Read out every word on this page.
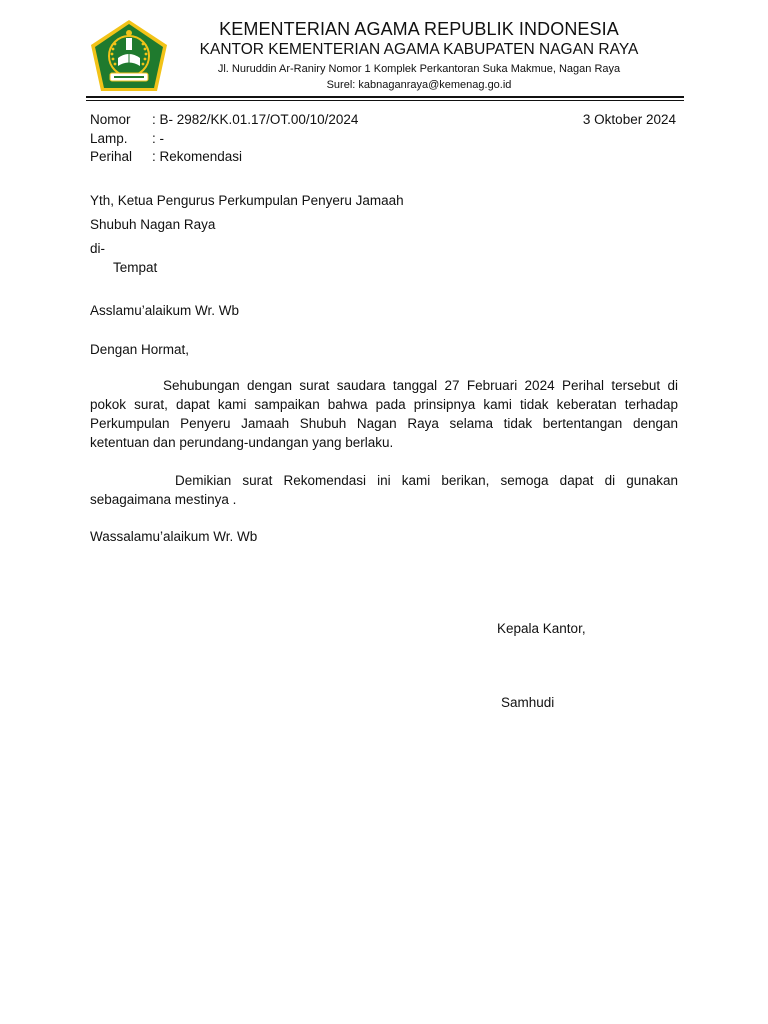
KEMENTERIAN AGAMA REPUBLIK INDONESIA
KANTOR KEMENTERIAN AGAMA KABUPATEN NAGAN RAYA
Jl. Nuruddin Ar-Raniry Nomor 1 Komplek Perkantoran Suka Makmue, Nagan Raya
Surel: kabnaganraya@kemenag.go.id
Nomor : B- 2982/KK.01.17/OT.00/10/2024	3 Oktober 2024
Lamp. : -
Perihal : Rekomendasi
Yth, Ketua Pengurus Perkumpulan Penyeru Jamaah
Shubuh Nagan Raya
di-
Tempat
Asslamu’alaikum Wr. Wb
Dengan Hormat,
Sehubungan dengan surat saudara tanggal 27 Februari 2024 Perihal tersebut di pokok surat, dapat kami sampaikan bahwa pada prinsipnya kami tidak keberatan terhadap Perkumpulan Penyeru Jamaah Shubuh Nagan Raya selama tidak bertentangan dengan ketentuan dan perundang-undangan yang berlaku.
Demikian surat Rekomendasi ini kami berikan, semoga dapat di gunakan sebagaimana mestinya .
Wassalamu’alaikum Wr. Wb
Kepala Kantor,
Samhudi
